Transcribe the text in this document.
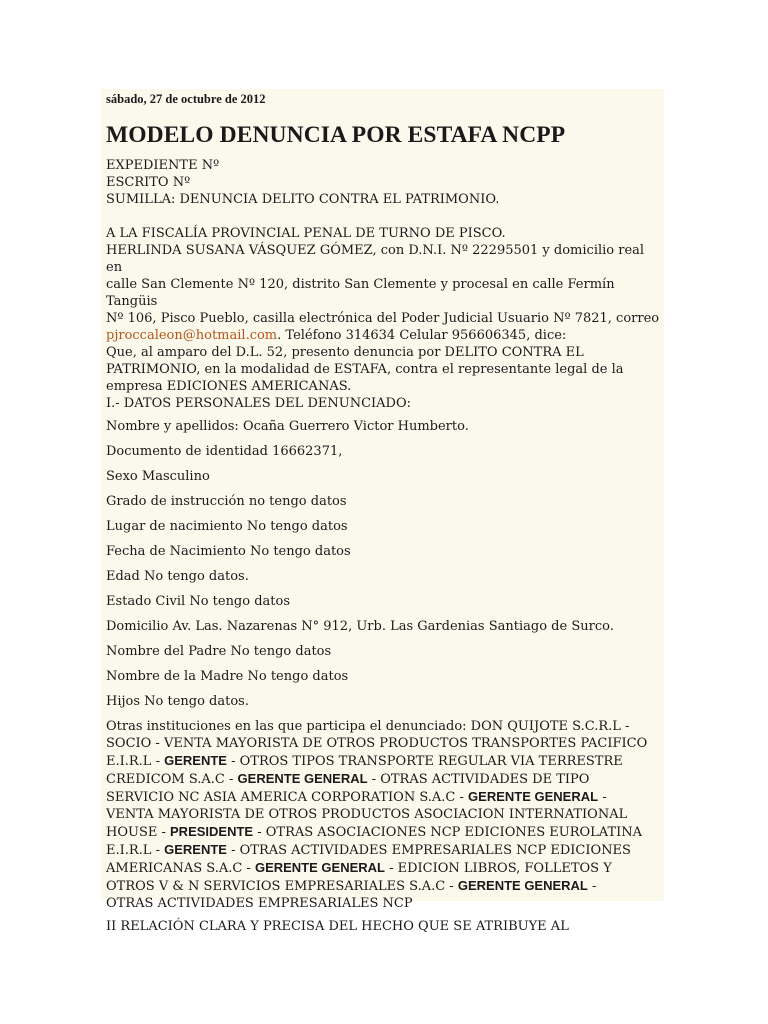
sábado, 27 de octubre de 2012

MODELO DENUNCIA POR ESTAFA NCPP

EXPEDIENTE Nº

ESCRITO Nº

SUMILLA: DENUNCIA DELITO CONTRA EL PATRIMONIO.

A LA FISCALÍA PROVINCIAL PENAL DE TURNO DE PISCO.

HERLINDA SUSANA VÁSQUEZ GÓMEZ, con D.N.I. Nº 22295501 y domicilio real en

calle San Clemente Nº 120, distrito San Clemente y procesal en calle Fermín Tangüis

Nº 106, Pisco Pueblo, casilla electrónica del Poder Judicial Usuario Nº 7821, correo

pjroccaleon@hotmail.com. Teléfono 314634 Celular 956606345, dice:

Que, al amparo del D.L. 52, presento denuncia por DELITO CONTRA EL

PATRIMONIO, en la modalidad de ESTAFA, contra el representante legal de la

empresa EDICIONES AMERICANAS.

I.- DATOS PERSONALES DEL DENUNCIADO:

Nombre y apellidos: Ocaña Guerrero Victor Humberto.

Documento de identidad 16662371,

Sexo Masculino

Grado de instrucción no tengo datos

Lugar de nacimiento No tengo datos

Fecha de Nacimiento No tengo datos

Edad No tengo datos.

Estado Civil No tengo datos

Domicilio Av. Las. Nazarenas N° 912, Urb. Las Gardenias Santiago de Surco.

Nombre del Padre No tengo datos

Nombre de la Madre No tengo datos

Hijos No tengo datos.

Otras instituciones en las que participa el denunciado: DON QUIJOTE S.C.R.L -

SOCIO - VENTA MAYORISTA DE OTROS PRODUCTOS TRANSPORTES PACIFICO

E.I.R.L - GERENTE - OTROS TIPOS TRANSPORTE REGULAR VIA TERRESTRE

CREDICOM S.A.C - GERENTE GENERAL - OTRAS ACTIVIDADES DE TIPO

SERVICIO NC ASIA AMERICA CORPORATION S.A.C - GERENTE GENERAL -

VENTA MAYORISTA DE OTROS PRODUCTOS ASOCIACION INTERNATIONAL

HOUSE - PRESIDENTE - OTRAS ASOCIACIONES NCP EDICIONES EUROLATINA

E.I.R.L - GERENTE - OTRAS ACTIVIDADES EMPRESARIALES NCP EDICIONES

AMERICANAS S.A.C - GERENTE GENERAL - EDICION LIBROS, FOLLETOS Y

OTROS V & N SERVICIOS EMPRESARIALES S.A.C - GERENTE GENERAL -

OTRAS ACTIVIDADES EMPRESARIALES NCP

II RELACIÓN CLARA Y PRECISA DEL HECHO QUE SE ATRIBUYE AL
